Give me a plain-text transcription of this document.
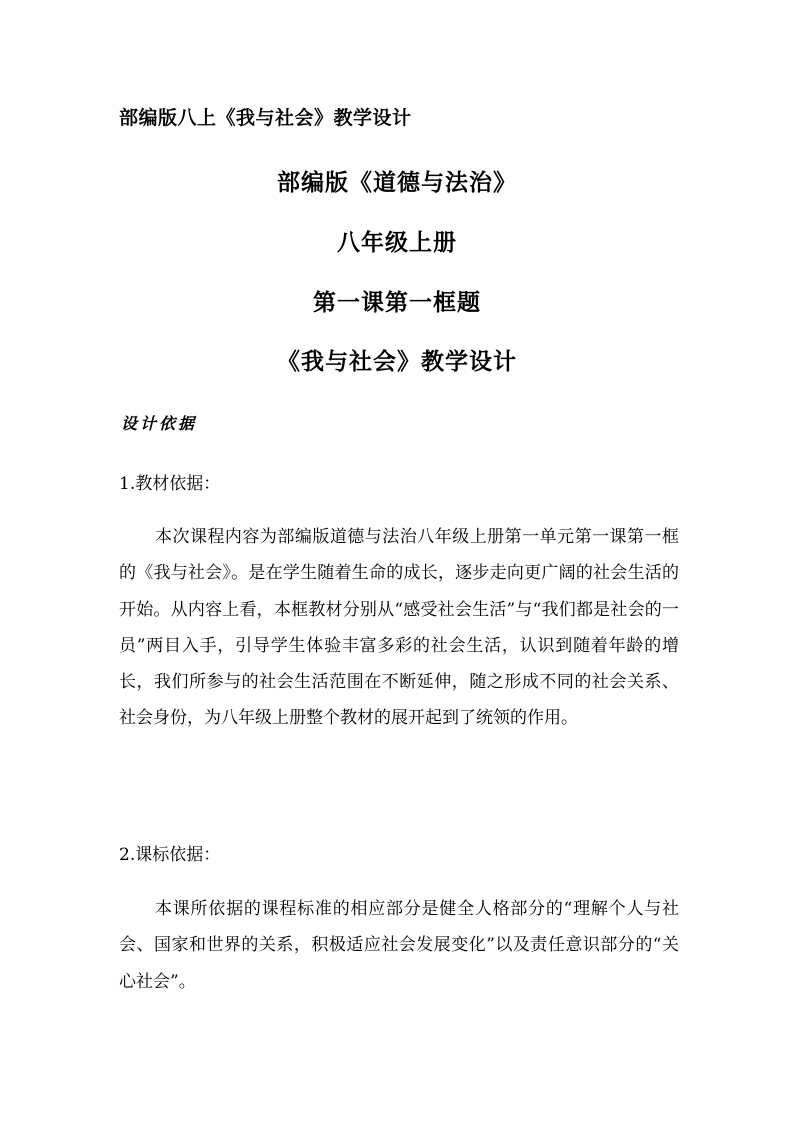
部编版八上《我与社会》教学设计
部编版《道德与法治》
八年级上册
第一课第一框题
《我与社会》教学设计
设计依据
1.教材依据：

本次课程内容为部编版道德与法治八年级上册第一单元第一课第一框的《我与社会》。是在学生随着生命的成长，逐步走向更广阔的社会生活的开始。从内容上看，本框教材分别从“感受社会生活”与“我们都是社会的一员”两目入手，引导学生体验丰富多彩的社会生活，认识到随着年龄的增长，我们所参与的社会生活范围在不断延伸，随之形成不同的社会关系、社会身份，为八年级上册整个教材的展开起到了统领的作用。

2.课标依据：

本课所依据的课程标准的相应部分是健全人格部分的“理解个人与社会、国家和世界的关系，积极适应社会发展变化”以及责任意识部分的“关心社会”。
